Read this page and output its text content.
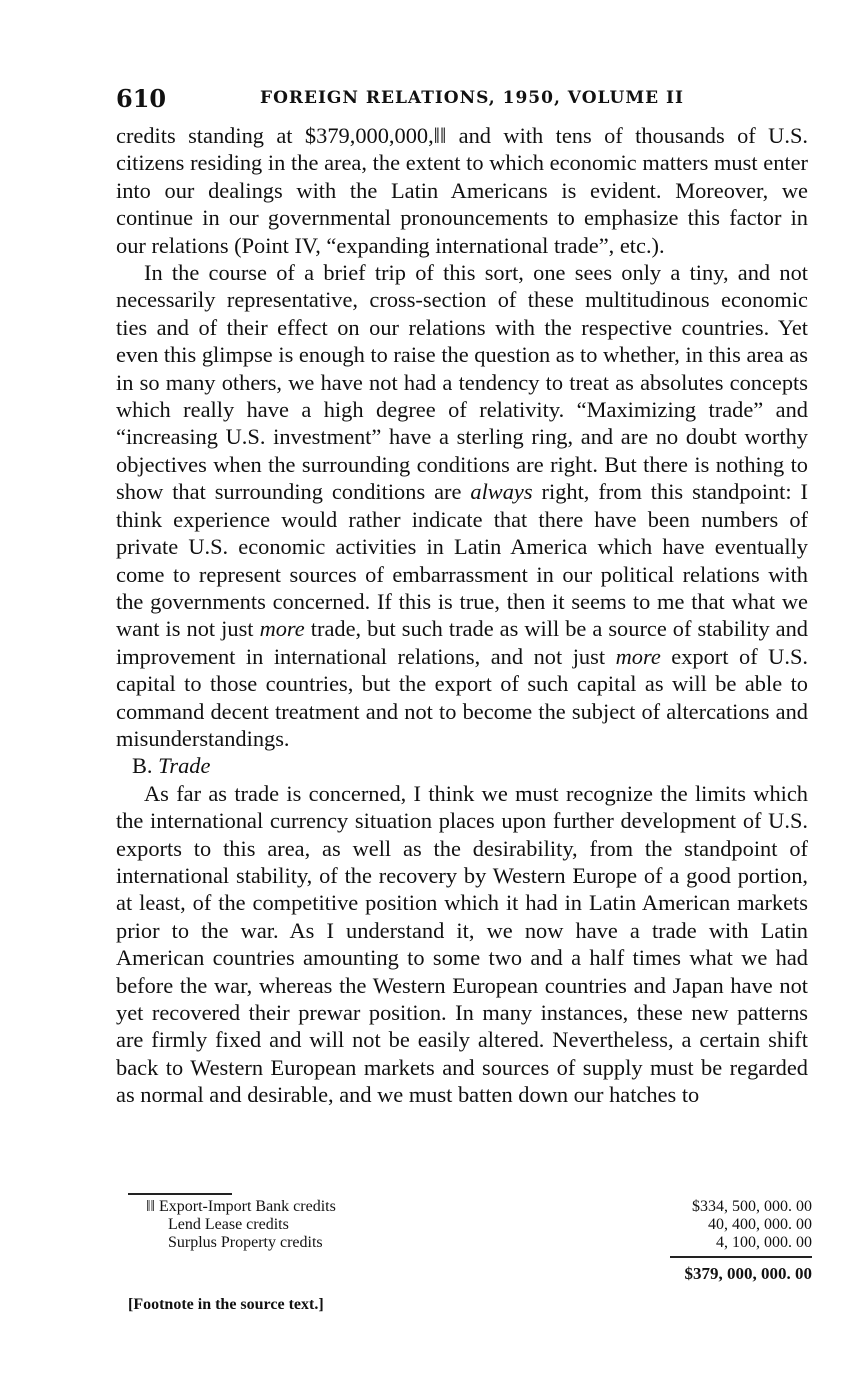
610	FOREIGN RELATIONS, 1950, VOLUME II

credits standing at $379,000,000,‖‖ and with tens of thousands of U.S. citizens residing in the area, the extent to which economic matters must enter into our dealings with the Latin Americans is evident. Moreover, we continue in our governmental pronouncements to emphasize this factor in our relations (Point IV, “expanding international trade”, etc.).

In the course of a brief trip of this sort, one sees only a tiny, and not necessarily representative, cross-section of these multitudinous economic ties and of their effect on our relations with the respective countries. Yet even this glimpse is enough to raise the question as to whether, in this area as in so many others, we have not had a tendency to treat as absolutes concepts which really have a high degree of relativity. “Maximizing trade” and “increasing U.S. investment” have a sterling ring, and are no doubt worthy objectives when the surrounding conditions are right. But there is nothing to show that surrounding conditions are always right, from this standpoint: I think experience would rather indicate that there have been numbers of private U.S. economic activities in Latin America which have eventually come to represent sources of embarrassment in our political relations with the governments concerned. If this is true, then it seems to me that what we want is not just more trade, but such trade as will be a source of stability and improvement in international relations, and not just more export of U.S. capital to those countries, but the export of such capital as will be able to command decent treatment and not to become the subject of altercations and misunderstandings.

B. Trade

As far as trade is concerned, I think we must recognize the limits which the international currency situation places upon further development of U.S. exports to this area, as well as the desirability, from the standpoint of international stability, of the recovery by Western Europe of a good portion, at least, of the competitive position which it had in Latin American markets prior to the war. As I understand it, we now have a trade with Latin American countries amounting to some two and a half times what we had before the war, whereas the Western European countries and Japan have not yet recovered their prewar position. In many instances, these new patterns are firmly fixed and will not be easily altered. Nevertheless, a certain shift back to Western European markets and sources of supply must be regarded as normal and desirable, and we must batten down our hatches to

‖‖ Export-Import Bank credits	$334, 500, 000. 00
Lend Lease credits	40, 400, 000. 00
Surplus Property credits	4, 100, 000. 00
$379, 000, 000. 00
[Footnote in the source text.]
